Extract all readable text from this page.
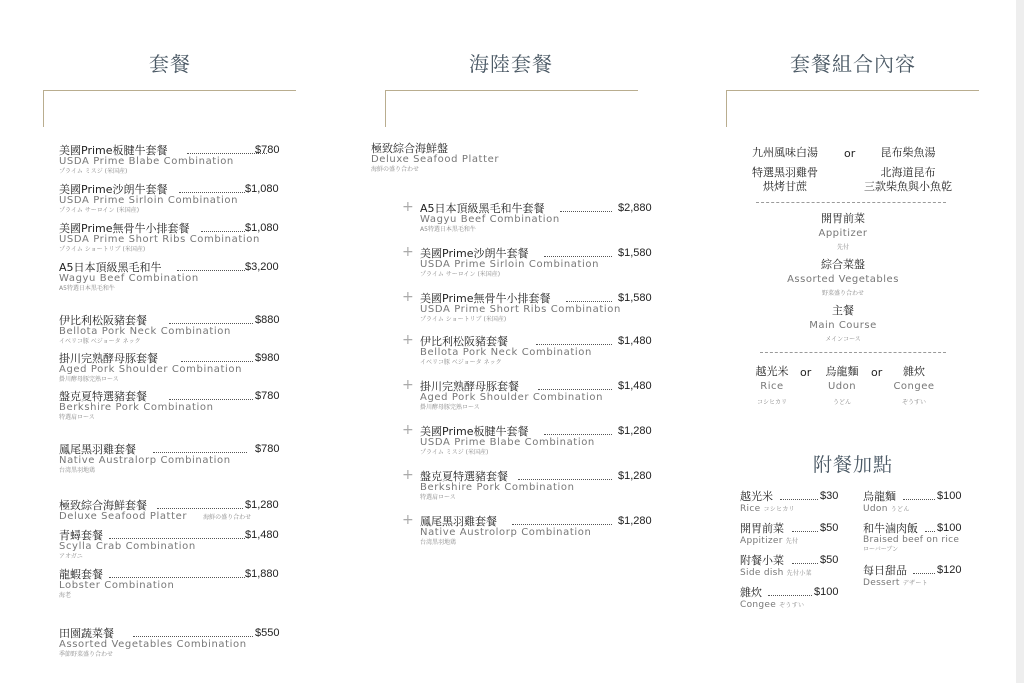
套餐
美國Prime板腱牛套餐
USDA Prime Blabe Combination
プライム ミスジ (米国産)
$780
美國Prime沙朗牛套餐
USDA Prime Sirloin Combination
プライム サーロイン (米国産)
$1,080
美國Prime無骨牛小排套餐
USDA Prime Short Ribs Combination
プライム ショートリブ (米国産)
$1,080
A5日本頂級黑毛和牛
Wagyu Beef Combination
A5特選日本黒毛和牛
$3,200
伊比利松阪豬套餐
Bellota Pork Neck Combination
イベリコ豚 ベジョータ ネック
$880
掛川完熟酵母豚套餐
Aged Pork Shoulder Combination
掛川酵母豚完熟ロース
$980
盤克夏特選豬套餐
Berkshire Pork Combination
特選肩ロース
$780
鳳尾黑羽雞套餐
Native Australorp Combination
台湾黒羽地鶏
$780
極致綜合海鮮套餐
Deluxe Seafood Platter	海鮮の盛り合わせ
$1,280
青蟳套餐
Scylla Crab Combination
アオガニ
$1,480
龍蝦套餐
Lobster Combination
海老
$1,880
田園蔬菜餐
Assorted Vegetables Combination
季節野菜盛り合わせ
$550
海陸套餐
極致綜合海鮮盤
Deluxe Seafood Platter
海鮮の盛り合わせ
+ A5日本頂級黑毛和牛套餐
Wagyu Beef Combination
A5特選日本黒毛和牛
$2,880
+ 美國Prime沙朗牛套餐
USDA Prime Sirloin Combination
プライム サーロイン (米国産)
$1,580
+ 美國Prime無骨牛小排套餐
USDA Prime Short Ribs Combination
プライム ショートリブ (米国産)
$1,580
+ 伊比利松阪豬套餐
Bellota Pork Neck Combination
イベリコ豚 ベジョータ ネック
$1,480
+ 掛川完熟酵母豚套餐
Aged Pork Shoulder Combination
掛川酵母豚完熟ロース
$1,480
+ 美國Prime板腱牛套餐
USDA Prime Blabe Combination
プライム ミスジ (米国産)
$1,280
+ 盤克夏特選豬套餐
Berkshire Pork Combination
特選肩ロース
$1,280
+ 鳳尾黑羽雞套餐
Native Austrolorp Combination
台湾黒羽地鶏
$1,280
套餐組合內容
九州風味白湯	or	昆布柴魚湯
特選黑羽雞骨
烘烤甘蔗
北海道昆布
三款柴魚與小魚乾
開胃前菜
Appitizer
先付
綜合菜盤
Assorted Vegetables
野菜盛り合わせ
主餐
Main Course
メインコース
越光米
Rice
コシヒカリ
or	烏龍麵
Udon
うどん
or	雜炊
Congee
ぞうすい
附餐加點
越光米	$30
Rice コシヒカリ
開胃前菜	$50
Appitizer 先付
附餐小菜	$50
Side dish 先付小菜
雜炊	$100
Congee ぞうすい
烏龍麵	$100
Udon うどん
和牛滷肉飯	$100
Braised beef on rice
ローバーブン
每日甜品	$120
Dessert デザート
